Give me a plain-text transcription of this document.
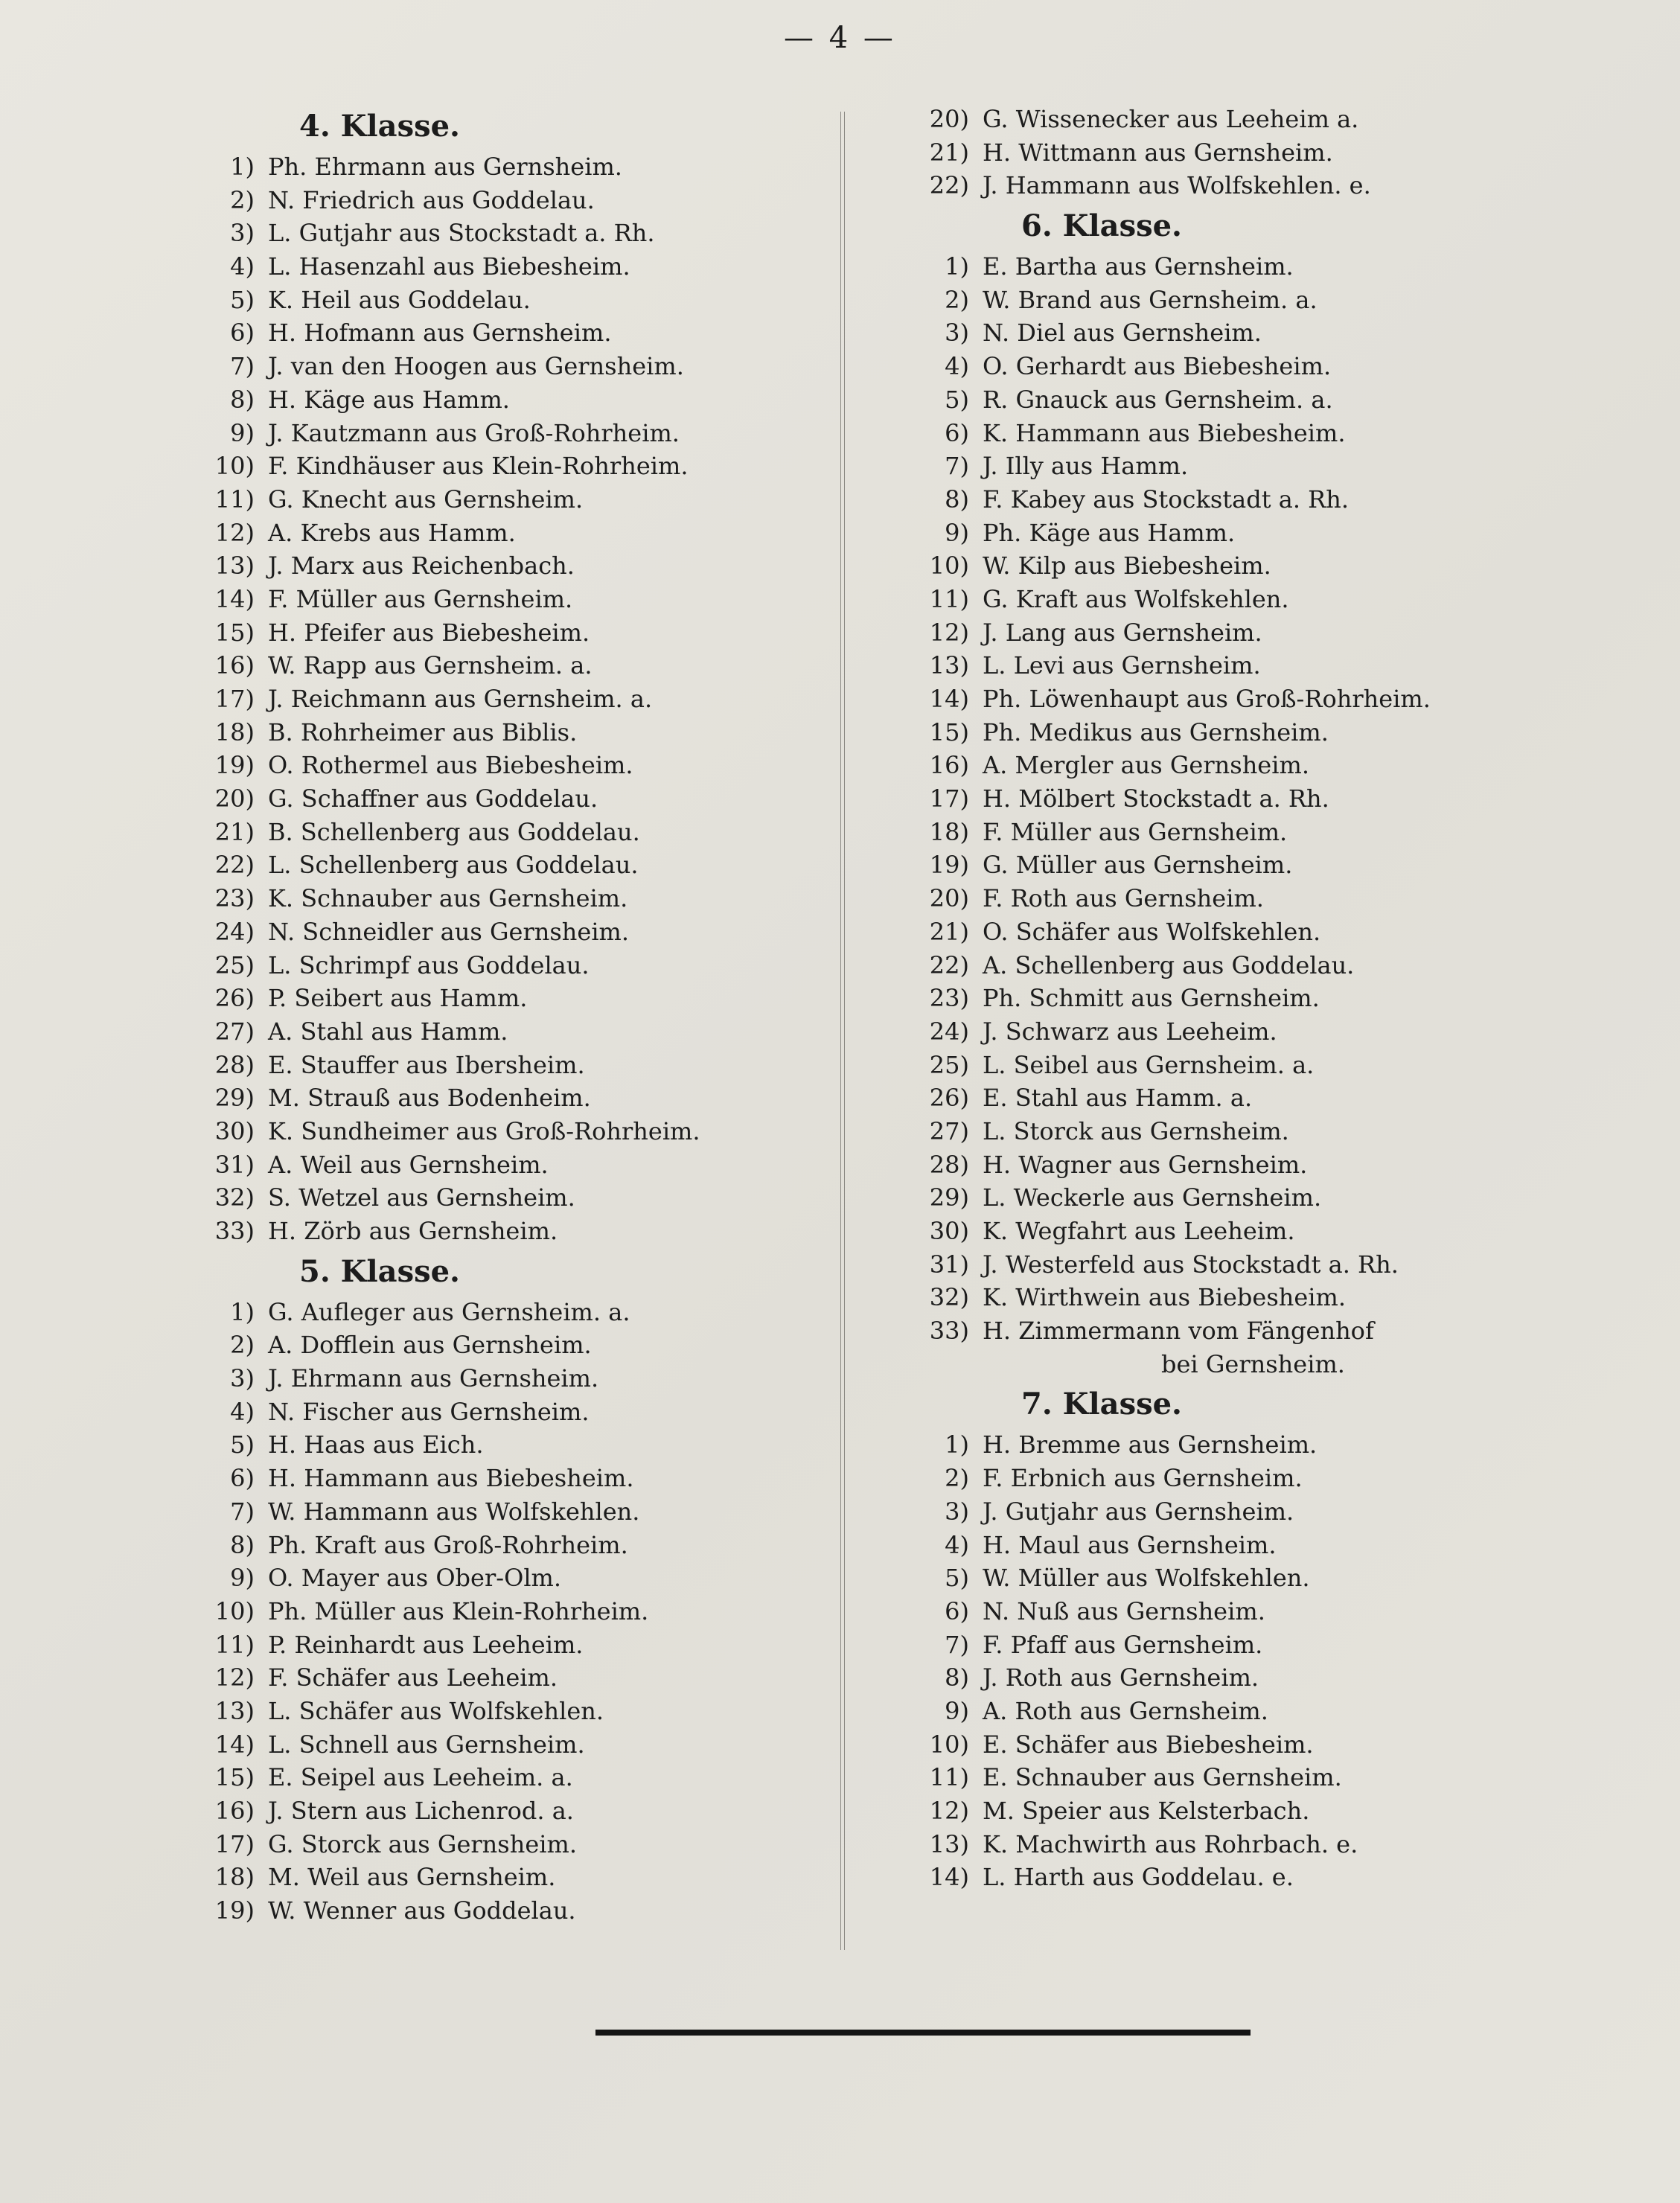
— 4 —
4. Klasse.
1) Ph. Ehrmann aus Gernsheim.
2) N. Friedrich aus Goddelau.
3) L. Gutjahr aus Stockstadt a. Rh.
4) L. Hasenzahl aus Biebesheim.
5) K. Heil aus Goddelau.
6) H. Hofmann aus Gernsheim.
7) J. van den Hoogen aus Gernsheim.
8) H. Käge aus Hamm.
9) J. Kautzmann aus Groß-Rohrheim.
10) F. Kindhäuser aus Klein-Rohrheim.
11) G. Knecht aus Gernsheim.
12) A. Krebs aus Hamm.
13) J. Marx aus Reichenbach.
14) F. Müller aus Gernsheim.
15) H. Pfeifer aus Biebesheim.
16) W. Rapp aus Gernsheim. a.
17) J. Reichmann aus Gernsheim. a.
18) B. Rohrheimer aus Biblis.
19) O. Rothermel aus Biebesheim.
20) G. Schaffner aus Goddelau.
21) B. Schellenberg aus Goddelau.
22) L. Schellenberg aus Goddelau.
23) K. Schnauber aus Gernsheim.
24) N. Schneidler aus Gernsheim.
25) L. Schrimpf aus Goddelau.
26) P. Seibert aus Hamm.
27) A. Stahl aus Hamm.
28) E. Stauffer aus Ibersheim.
29) M. Strauß aus Bodenheim.
30) K. Sundheimer aus Groß-Rohrheim.
31) A. Weil aus Gernsheim.
32) S. Wetzel aus Gernsheim.
33) H. Zörb aus Gernsheim.
5. Klasse.
1) G. Aufleger aus Gernsheim. a.
2) A. Dofflein aus Gernsheim.
3) J. Ehrmann aus Gernsheim.
4) N. Fischer aus Gernsheim.
5) H. Haas aus Eich.
6) H. Hammann aus Biebesheim.
7) W. Hammann aus Wolfskehlen.
8) Ph. Kraft aus Groß-Rohrheim.
9) O. Mayer aus Ober-Olm.
10) Ph. Müller aus Klein-Rohrheim.
11) P. Reinhardt aus Leeheim.
12) F. Schäfer aus Leeheim.
13) L. Schäfer aus Wolfskehlen.
14) L. Schnell aus Gernsheim.
15) E. Seipel aus Leeheim. a.
16) J. Stern aus Lichenrod. a.
17) G. Storck aus Gernsheim.
18) M. Weil aus Gernsheim.
19) W. Wenner aus Goddelau.
20) G. Wissenecker aus Leeheim a.
21) H. Wittmann aus Gernsheim.
22) J. Hammann aus Wolfskehlen. e.
6. Klasse.
1) E. Bartha aus Gernsheim.
2) W. Brand aus Gernsheim. a.
3) N. Diel aus Gernsheim.
4) O. Gerhardt aus Biebesheim.
5) R. Gnauck aus Gernsheim. a.
6) K. Hammann aus Biebesheim.
7) J. Illy aus Hamm.
8) F. Kabey aus Stockstadt a. Rh.
9) Ph. Käge aus Hamm.
10) W. Kilp aus Biebesheim.
11) G. Kraft aus Wolfskehlen.
12) J. Lang aus Gernsheim.
13) L. Levi aus Gernsheim.
14) Ph. Löwenhaupt aus Groß-Rohrheim.
15) Ph. Medikus aus Gernsheim.
16) A. Mergler aus Gernsheim.
17) H. Mölbert Stockstadt a. Rh.
18) F. Müller aus Gernsheim.
19) G. Müller aus Gernsheim.
20) F. Roth aus Gernsheim.
21) O. Schäfer aus Wolfskehlen.
22) A. Schellenberg aus Goddelau.
23) Ph. Schmitt aus Gernsheim.
24) J. Schwarz aus Leeheim.
25) L. Seibel aus Gernsheim. a.
26) E. Stahl aus Hamm. a.
27) L. Storck aus Gernsheim.
28) H. Wagner aus Gernsheim.
29) L. Weckerle aus Gernsheim.
30) K. Wegfahrt aus Leeheim.
31) J. Westerfeld aus Stockstadt a. Rh.
32) K. Wirthwein aus Biebesheim.
33) H. Zimmermann vom Fängenhof
bei Gernsheim.
7. Klasse.
1) H. Bremme aus Gernsheim.
2) F. Erbnich aus Gernsheim.
3) J. Gutjahr aus Gernsheim.
4) H. Maul aus Gernsheim.
5) W. Müller aus Wolfskehlen.
6) N. Nuß aus Gernsheim.
7) F. Pfaff aus Gernsheim.
8) J. Roth aus Gernsheim.
9) A. Roth aus Gernsheim.
10) E. Schäfer aus Biebesheim.
11) E. Schnauber aus Gernsheim.
12) M. Speier aus Kelsterbach.
13) K. Machwirth aus Rohrbach. e.
14) L. Harth aus Goddelau. e.
